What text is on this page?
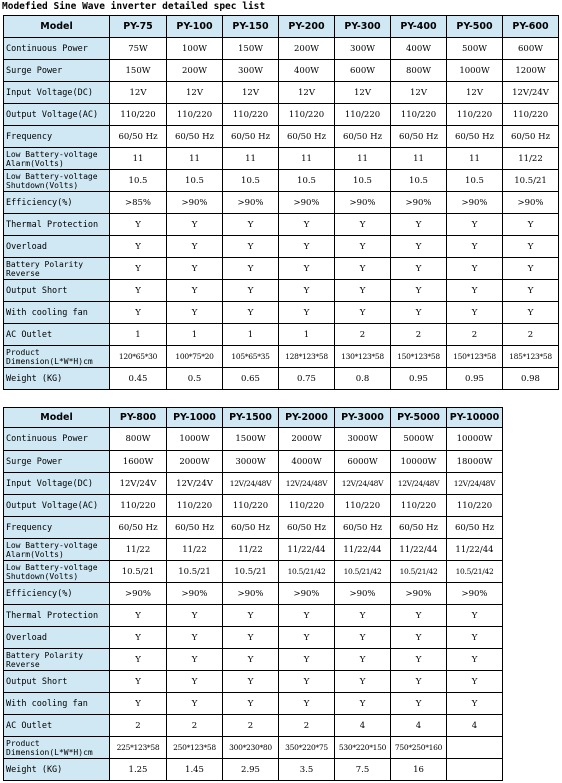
Modefied Sine Wave inverter detailed spec list
Model	PY-75	PY-100	PY-150	PY-200	PY-300	PY-400	PY-500	PY-600
Continuous Power	75W	100W	150W	200W	300W	400W	500W	600W
Surge Power	150W	200W	300W	400W	600W	800W	1000W	1200W
Input Voltage(DC)	12V	12V	12V	12V	12V	12V	12V	12V/24V
Output Voltage(AC)	110/220	110/220	110/220	110/220	110/220	110/220	110/220	110/220
Frequency	60/50 Hz	60/50 Hz	60/50 Hz	60/50 Hz	60/50 Hz	60/50 Hz	60/50 Hz	60/50 Hz
Low Battery-voltage Alarm(Volts)	11	11	11	11	11	11	11	11/22
Low Battery-voltage Shutdown(Volts)	10.5	10.5	10.5	10.5	10.5	10.5	10.5	10.5/21
Efficiency(%)	>85%	>90%	>90%	>90%	>90%	>90%	>90%	>90%
Thermal Protection	Y	Y	Y	Y	Y	Y	Y	Y
Overload	Y	Y	Y	Y	Y	Y	Y	Y
Battery Polarity Reverse	Y	Y	Y	Y	Y	Y	Y	Y
Output Short	Y	Y	Y	Y	Y	Y	Y	Y
With cooling fan	Y	Y	Y	Y	Y	Y	Y	Y
AC Outlet	1	1	1	1	2	2	2	2
Product Dimension(L*W*H)cm	120*65*30	100*75*20	105*65*35	128*123*58	130*123*58	150*123*58	150*123*58	185*123*58
Weight (KG)	0.45	0.5	0.65	0.75	0.8	0.95	0.95	0.98
Model	PY-800	PY-1000	PY-1500	PY-2000	PY-3000	PY-5000	PY-10000
Continuous Power	800W	1000W	1500W	2000W	3000W	5000W	10000W
Surge Power	1600W	2000W	3000W	4000W	6000W	10000W	18000W
Input Voltage(DC)	12V/24V	12V/24V	12V/24/48V	12V/24/48V	12V/24/48V	12V/24/48V	12V/24/48V
Output Voltage(AC)	110/220	110/220	110/220	110/220	110/220	110/220	110/220
Frequency	60/50 Hz	60/50 Hz	60/50 Hz	60/50 Hz	60/50 Hz	60/50 Hz	60/50 Hz
Low Battery-voltage Alarm(Volts)	11/22	11/22	11/22	11/22/44	11/22/44	11/22/44	11/22/44
Low Battery-voltage Shutdown(Volts)	10.5/21	10.5/21	10.5/21	10.5/21/42	10.5/21/42	10.5/21/42	10.5/21/42
Efficiency(%)	>90%	>90%	>90%	>90%	>90%	>90%	>90%
Thermal Protection	Y	Y	Y	Y	Y	Y	Y
Overload	Y	Y	Y	Y	Y	Y	Y
Battery Polarity Reverse	Y	Y	Y	Y	Y	Y	Y
Output Short	Y	Y	Y	Y	Y	Y	Y
With cooling fan	Y	Y	Y	Y	Y	Y	Y
AC Outlet	2	2	2	2	4	4	4
Product Dimension(L*W*H)cm	225*123*58	250*123*58	300*230*80	350*220*75	530*220*150	750*250*160	
Weight (KG)	1.25	1.45	2.95	3.5	7.5	16	
